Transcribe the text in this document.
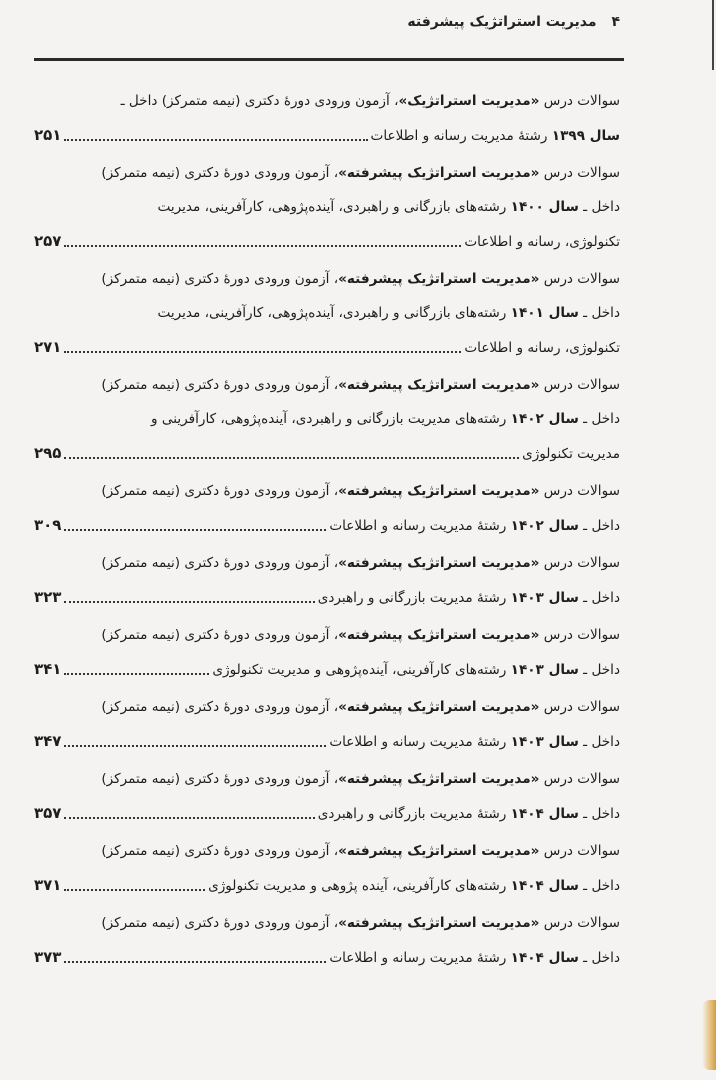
۴ مدیریت استراتژیک پیشرفته
سوالات درس «مدیریت استراتژیک»، آزمون ورودی دورهٔ دکتری (نیمه متمرکز) داخل ـ
سال ۱۳۹۹ رشتهٔ مدیریت رسانه و اطلاعات
۲۵۱
سوالات درس «مدیریت استراتژیک پیشرفته»، آزمون ورودی دورهٔ دکتری (نیمه متمرکز)
داخل ـ سال ۱۴۰۰ رشته‌های بازرگانی و راهبردی، آینده‌پژوهی، کارآفرینی، مدیریت
تکنولوژی، رسانه و اطلاعات
۲۵۷
سوالات درس «مدیریت استراتژیک پیشرفته»، آزمون ورودی دورهٔ دکتری (نیمه متمرکز)
داخل ـ سال ۱۴۰۱ رشته‌های بازرگانی و راهبردی، آینده‌پژوهی، کارآفرینی، مدیریت
تکنولوژی، رسانه و اطلاعات
۲۷۱
سوالات درس «مدیریت استراتژیک پیشرفته»، آزمون ورودی دورهٔ دکتری (نیمه متمرکز)
داخل ـ سال ۱۴۰۲ رشته‌های مدیریت بازرگانی و راهبردی، آینده‌پژوهی، کارآفرینی و
مدیریت تکنولوژی
۲۹۵
سوالات درس «مدیریت استراتژیک پیشرفته»، آزمون ورودی دورهٔ دکتری (نیمه متمرکز)
داخل ـ سال ۱۴۰۲ رشتهٔ مدیریت رسانه و اطلاعات
۳۰۹
سوالات درس «مدیریت استراتژیک پیشرفته»، آزمون ورودی دورهٔ دکتری (نیمه متمرکز)
داخل ـ سال ۱۴۰۳ رشتهٔ مدیریت بازرگانی و راهبردی
۳۲۳
سوالات درس «مدیریت استراتژیک پیشرفته»، آزمون ورودی دورهٔ دکتری (نیمه متمرکز)
داخل ـ سال ۱۴۰۳ رشته‌های کارآفرینی، آینده‌پژوهی و مدیریت تکنولوژی
۳۴۱
سوالات درس «مدیریت استراتژیک پیشرفته»، آزمون ورودی دورهٔ دکتری (نیمه متمرکز)
داخل ـ سال ۱۴۰۳ رشتهٔ مدیریت رسانه و اطلاعات
۳۴۷
سوالات درس «مدیریت استراتژیک پیشرفته»، آزمون ورودی دورهٔ دکتری (نیمه متمرکز)
داخل ـ سال ۱۴۰۴ رشتهٔ مدیریت بازرگانی و راهبردی
۳۵۷
سوالات درس «مدیریت استراتژیک پیشرفته»، آزمون ورودی دورهٔ دکتری (نیمه متمرکز)
داخل ـ سال ۱۴۰۴ رشته‌های کارآفرینی، آینده پژوهی و مدیریت تکنولوژی
۳۷۱
سوالات درس «مدیریت استراتژیک پیشرفته»، آزمون ورودی دورهٔ دکتری (نیمه متمرکز)
داخل ـ سال ۱۴۰۴ رشتهٔ مدیریت رسانه و اطلاعات
۳۷۳
